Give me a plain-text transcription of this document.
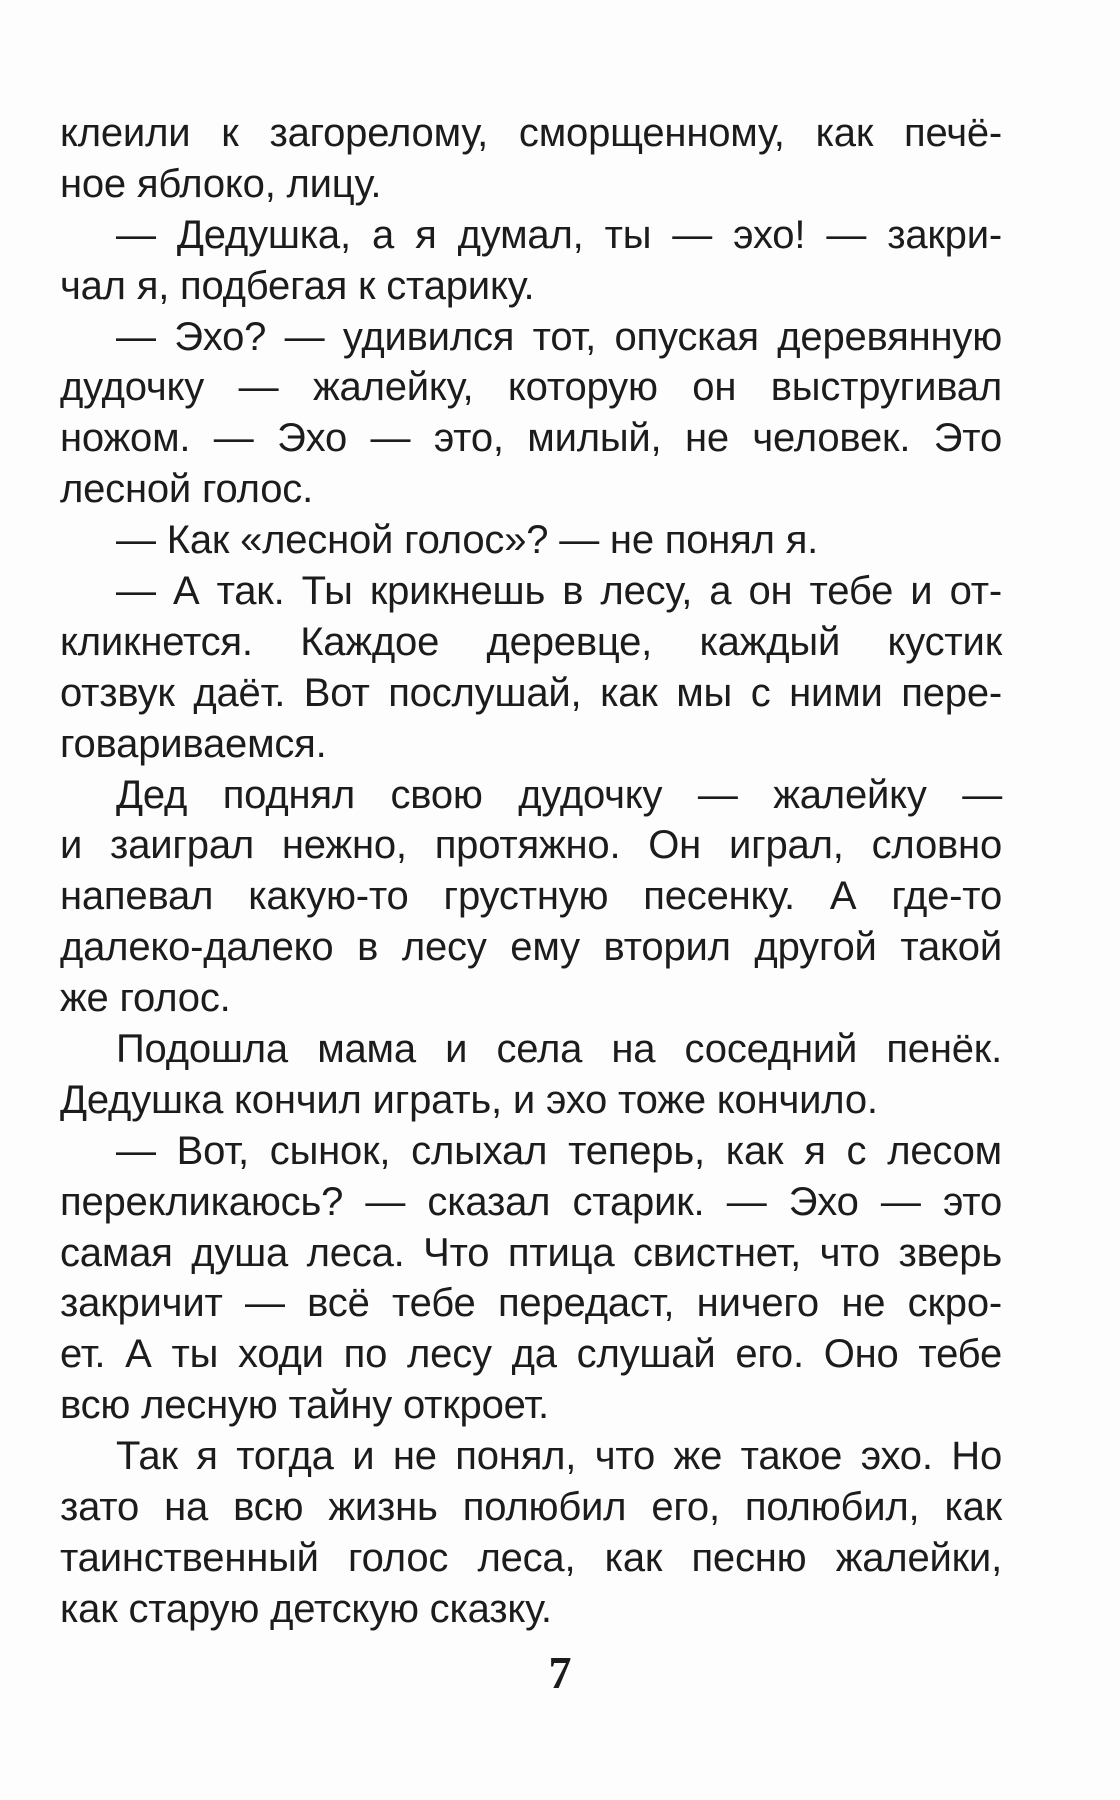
клеили к загорелому, сморщенному, как печё-
ное яблоко, лицу.
— Дедушка, а я думал, ты — эхо! — закри-
чал я, подбегая к старику.
— Эхо? — удивился тот, опуская деревянную
дудочку — жалейку, которую он выстругивал
ножом. — Эхо — это, милый, не человек. Это
лесной голос.
— Как «лесной голос»? — не понял я.
— А так. Ты крикнешь в лесу, а он тебе и от-
кликнется. Каждое деревце, каждый кустик
отзвук даёт. Вот послушай, как мы с ними пере-
говариваемся.
Дед поднял свою дудочку — жалейку —
и заиграл нежно, протяжно. Он играл, словно
напевал какую-то грустную песенку. А где-то
далеко-далеко в лесу ему вторил другой такой
же голос.
Подошла мама и села на соседний пенёк.
Дедушка кончил играть, и эхо тоже кончило.
— Вот, сынок, слыхал теперь, как я с лесом
перекликаюсь? — сказал старик. — Эхо — это
самая душа леса. Что птица свистнет, что зверь
закричит — всё тебе передаст, ничего не скро-
ет. А ты ходи по лесу да слушай его. Оно тебе
всю лесную тайну откроет.
Так я тогда и не понял, что же такое эхо. Но
зато на всю жизнь полюбил его, полюбил, как
таинственный голос леса, как песню жалейки,
как старую детскую сказку.
7
